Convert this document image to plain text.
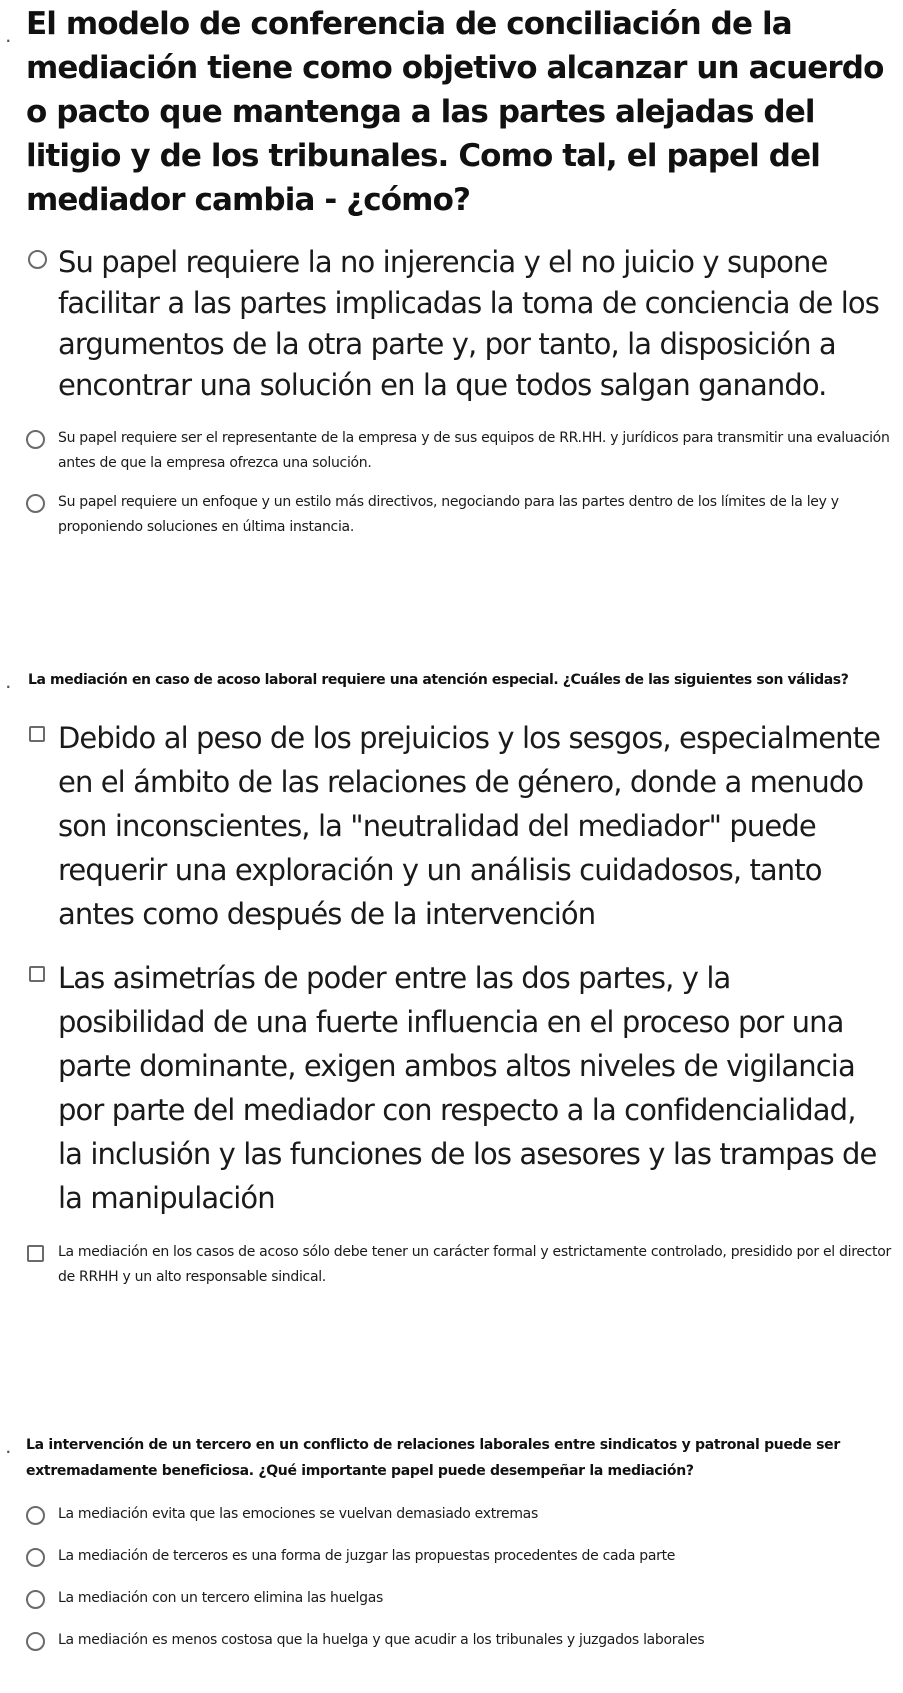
. El modelo de conferencia de conciliación de la mediación tiene como objetivo alcanzar un acuerdo o pacto que mantenga a las partes alejadas del litigio y de los tribunales. Como tal, el papel del mediador cambia - ¿cómo?
Su papel requiere la no injerencia y el no juicio y supone facilitar a las partes implicadas la toma de conciencia de los argumentos de la otra parte y, por tanto, la disposición a encontrar una solución en la que todos salgan ganando.
Su papel requiere ser el representante de la empresa y de sus equipos de RR.HH. y jurídicos para transmitir una evaluación antes de que la empresa ofrezca una solución.
Su papel requiere un enfoque y un estilo más directivos, negociando para las partes dentro de los límites de la ley y proponiendo soluciones en última instancia.
. La mediación en caso de acoso laboral requiere una atención especial. ¿Cuáles de las siguientes son válidas?
Debido al peso de los prejuicios y los sesgos, especialmente en el ámbito de las relaciones de género, donde a menudo son inconscientes, la "neutralidad del mediador" puede requerir una exploración y un análisis cuidadosos, tanto antes como después de la intervención
Las asimetrías de poder entre las dos partes, y la posibilidad de una fuerte influencia en el proceso por una parte dominante, exigen ambos altos niveles de vigilancia por parte del mediador con respecto a la confidencialidad, la inclusión y las funciones de los asesores y las trampas de la manipulación
La mediación en los casos de acoso sólo debe tener un carácter formal y estrictamente controlado, presidido por el director de RRHH y un alto responsable sindical.
. La intervención de un tercero en un conflicto de relaciones laborales entre sindicatos y patronal puede ser extremadamente beneficiosa. ¿Qué importante papel puede desempeñar la mediación?
La mediación evita que las emociones se vuelvan demasiado extremas
La mediación de terceros es una forma de juzgar las propuestas procedentes de cada parte
La mediación con un tercero elimina las huelgas
La mediación es menos costosa que la huelga y que acudir a los tribunales y juzgados laborales
